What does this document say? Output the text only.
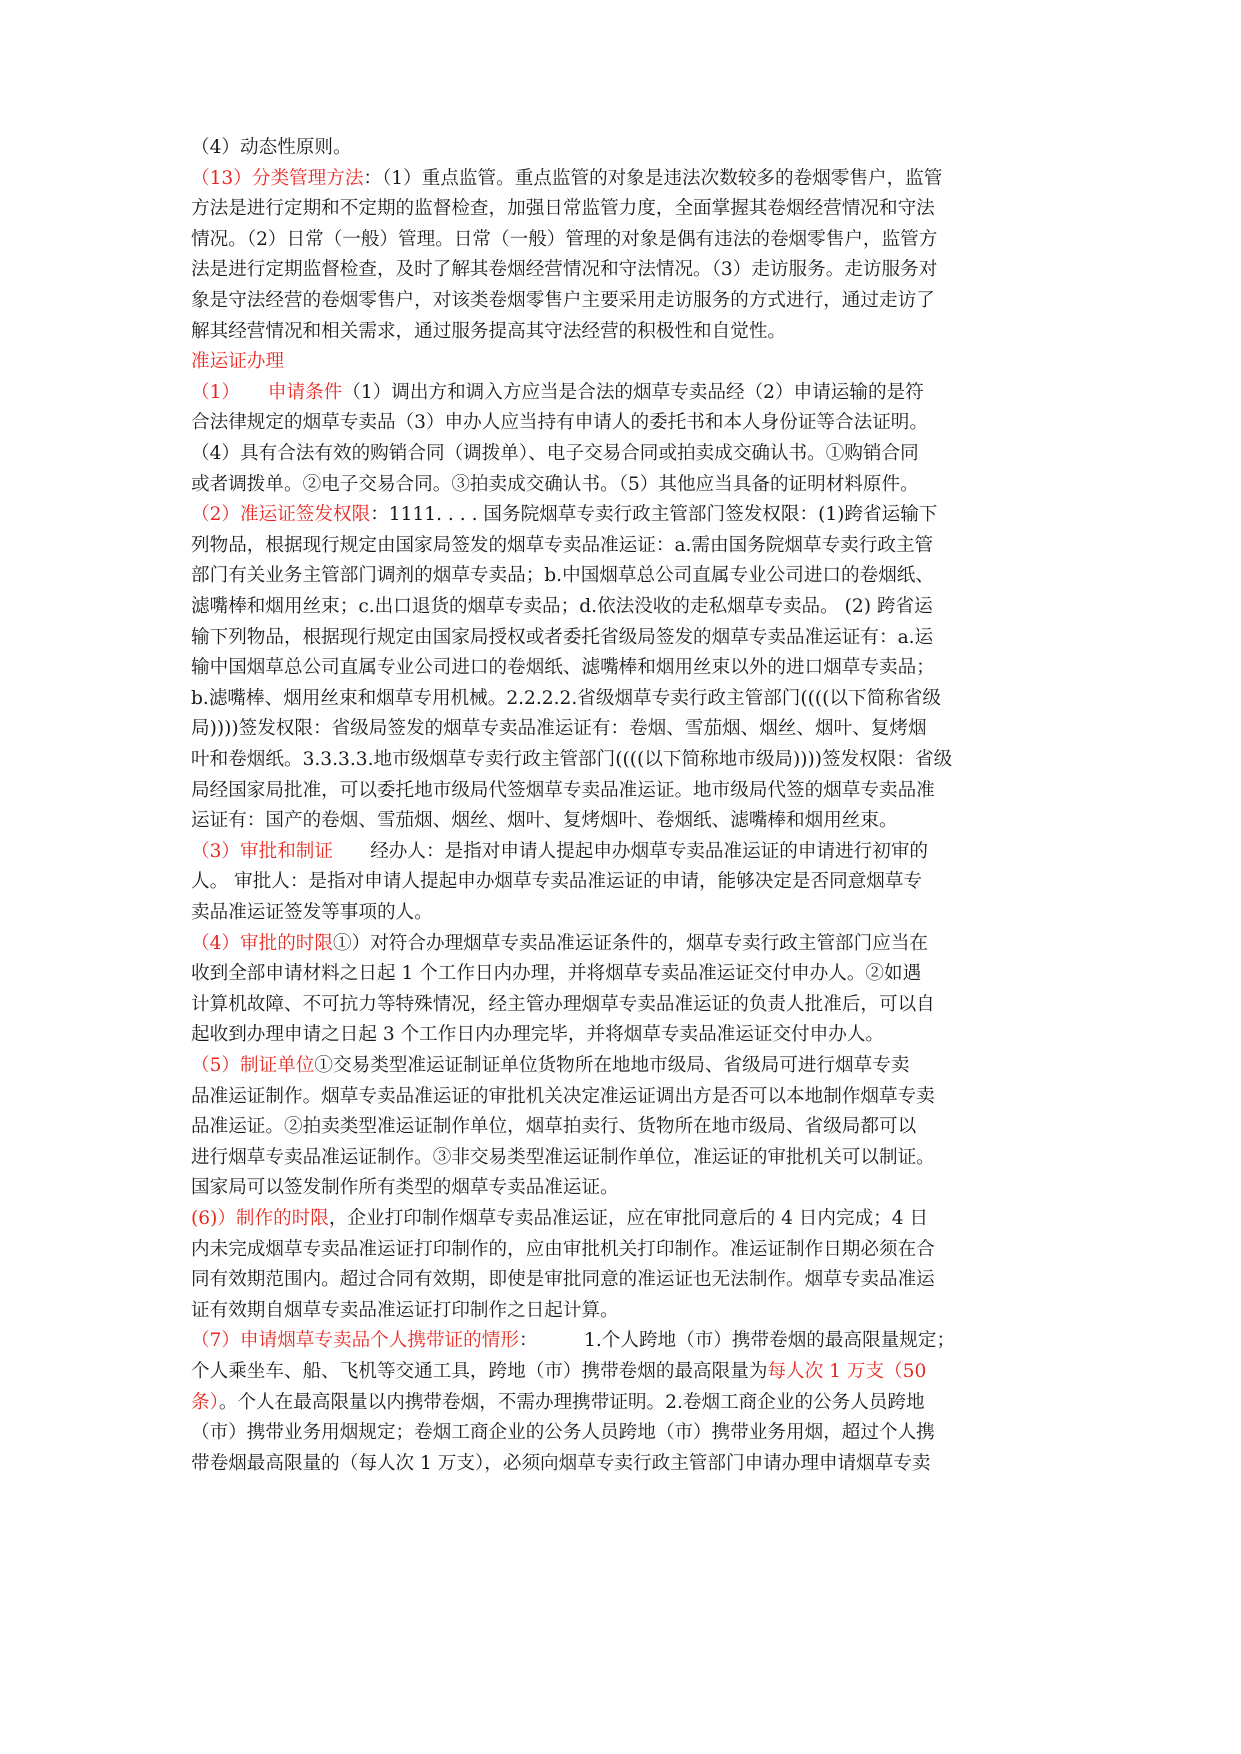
（4）动态性原则。
（13）分类管理方法：（1）重点监管。重点监管的对象是违法次数较多的卷烟零售户，监管
方法是进行定期和不定期的监督检查，加强日常监管力度，全面掌握其卷烟经营情况和守法
情况。（2）日常（一般）管理。日常（一般）管理的对象是偶有违法的卷烟零售户，监管方
法是进行定期监督检查，及时了解其卷烟经营情况和守法情况。（3）走访服务。走访服务对
象是守法经营的卷烟零售户，对该类卷烟零售户主要采用走访服务的方式进行，通过走访了
解其经营情况和相关需求，通过服务提高其守法经营的积极性和自觉性。
准运证办理
（1）　　申请条件（1）调出方和调入方应当是合法的烟草专卖品经（2）申请运输的是符
合法律规定的烟草专卖品（3）申办人应当持有申请人的委托书和本人身份证等合法证明。
（4）具有合法有效的购销合同（调拨单）、电子交易合同或拍卖成交确认书。①购销合同
或者调拨单。②电子交易合同。③拍卖成交确认书。（5）其他应当具备的证明材料原件。
（2）准运证签发权限：1111. . . . 国务院烟草专卖行政主管部门签发权限：(1)跨省运输下
列物品，根据现行规定由国家局签发的烟草专卖品准运证：a.需由国务院烟草专卖行政主管
部门有关业务主管部门调剂的烟草专卖品；b.中国烟草总公司直属专业公司进口的卷烟纸、
滤嘴棒和烟用丝束；c.出口退货的烟草专卖品；d.依法没收的走私烟草专卖品。 (2) 跨省运
输下列物品，根据现行规定由国家局授权或者委托省级局签发的烟草专卖品准运证有：a.运
输中国烟草总公司直属专业公司进口的卷烟纸、滤嘴棒和烟用丝束以外的进口烟草专卖品；
b.滤嘴棒、烟用丝束和烟草专用机械。2.2.2.2.省级烟草专卖行政主管部门((((以下简称省级
局))))签发权限：省级局签发的烟草专卖品准运证有：卷烟、雪茄烟、烟丝、烟叶、复烤烟
叶和卷烟纸。3.3.3.3.地市级烟草专卖行政主管部门((((以下简称地市级局))))签发权限：省级
局经国家局批准，可以委托地市级局代签烟草专卖品准运证。地市级局代签的烟草专卖品准
运证有：国产的卷烟、雪茄烟、烟丝、烟叶、复烤烟叶、卷烟纸、滤嘴棒和烟用丝束。
（3）审批和制证　　经办人：是指对申请人提起申办烟草专卖品准运证的申请进行初审的
人。 审批人：是指对申请人提起申办烟草专卖品准运证的申请，能够决定是否同意烟草专
卖品准运证签发等事项的人。
（4）审批的时限①）对符合办理烟草专卖品准运证条件的，烟草专卖行政主管部门应当在
收到全部申请材料之日起 1 个工作日内办理，并将烟草专卖品准运证交付申办人。②如遇
计算机故障、不可抗力等特殊情况，经主管办理烟草专卖品准运证的负责人批准后，可以自
起收到办理申请之日起 3 个工作日内办理完毕，并将烟草专卖品准运证交付申办人。
（5）制证单位①交易类型准运证制证单位货物所在地地市级局、省级局可进行烟草专卖
品准运证制作。烟草专卖品准运证的审批机关决定准运证调出方是否可以本地制作烟草专卖
品准运证。②拍卖类型准运证制作单位，烟草拍卖行、货物所在地市级局、省级局都可以
进行烟草专卖品准运证制作。③非交易类型准运证制作单位，准运证的审批机关可以制证。
国家局可以签发制作所有类型的烟草专卖品准运证。
(6)）制作的时限，企业打印制作烟草专卖品准运证，应在审批同意后的 4 日内完成；4 日
内未完成烟草专卖品准运证打印制作的，应由审批机关打印制作。准运证制作日期必须在合
同有效期范围内。超过合同有效期，即使是审批同意的准运证也无法制作。烟草专卖品准运
证有效期自烟草专卖品准运证打印制作之日起计算。
（7）申请烟草专卖品个人携带证的情形：　　　1.个人跨地（市）携带卷烟的最高限量规定；
个人乘坐车、船、飞机等交通工具，跨地（市）携带卷烟的最高限量为每人次 1 万支（50
条）。个人在最高限量以内携带卷烟，不需办理携带证明。2.卷烟工商企业的公务人员跨地
（市）携带业务用烟规定；卷烟工商企业的公务人员跨地（市）携带业务用烟，超过个人携
带卷烟最高限量的（每人次 1 万支），必须向烟草专卖行政主管部门申请办理申请烟草专卖
